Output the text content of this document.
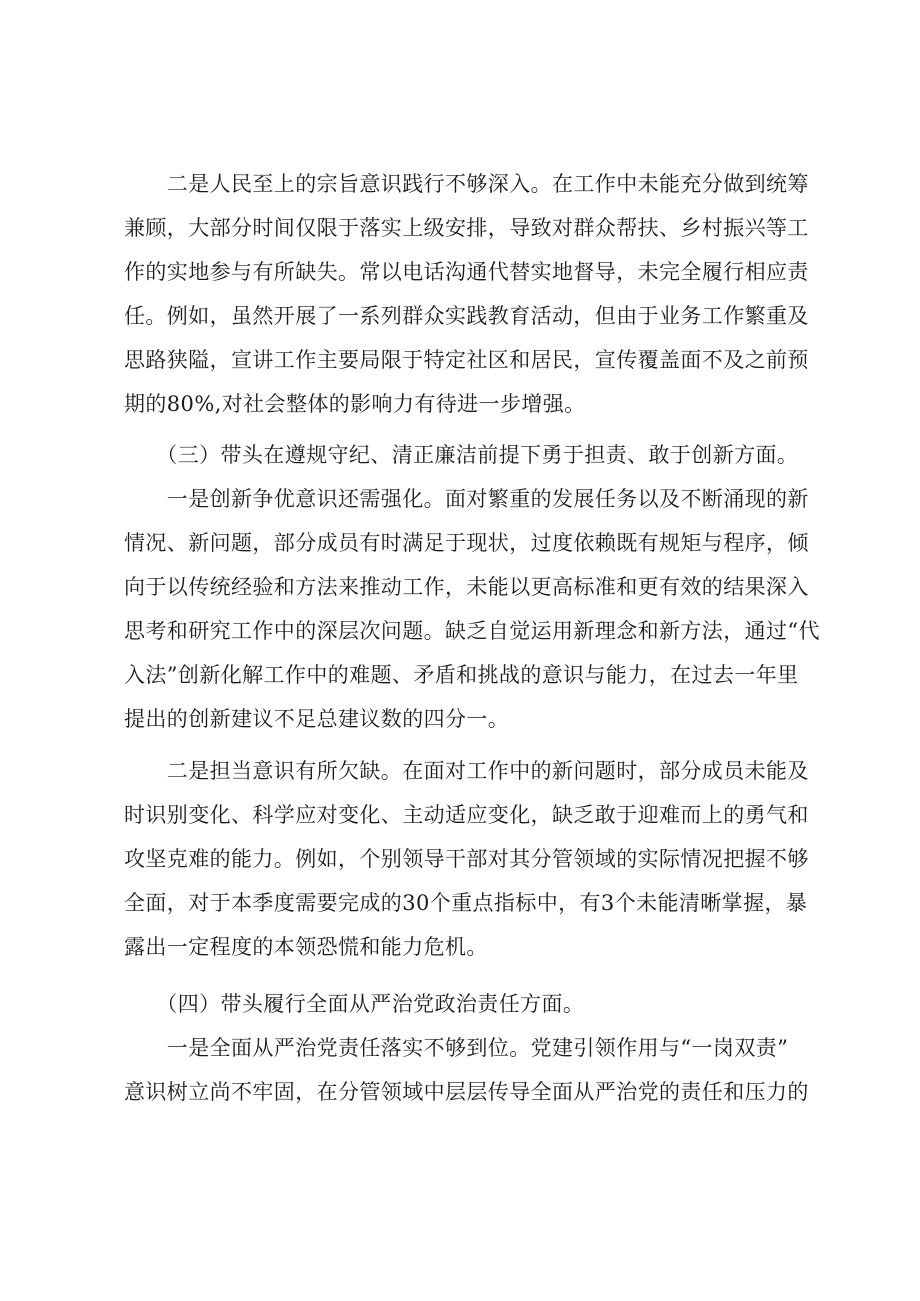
　　二是人民至上的宗旨意识践行不够深入。在工作中未能充分做到统筹
兼顾，大部分时间仅限于落实上级安排，导致对群众帮扶、乡村振兴等工
作的实地参与有所缺失。常以电话沟通代替实地督导，未完全履行相应责
任。例如，虽然开展了一系列群众实践教育活动，但由于业务工作繁重及
思路狭隘，宣讲工作主要局限于特定社区和居民，宣传覆盖面不及之前预
期的80%,对社会整体的影响力有待进一步增强。
　　（三）带头在遵规守纪、清正廉洁前提下勇于担责、敢于创新方面。
　　一是创新争优意识还需强化。面对繁重的发展任务以及不断涌现的新
情况、新问题，部分成员有时满足于现状，过度依赖既有规矩与程序，倾
向于以传统经验和方法来推动工作，未能以更高标准和更有效的结果深入
思考和研究工作中的深层次问题。缺乏自觉运用新理念和新方法，通过“代
入法”创新化解工作中的难题、矛盾和挑战的意识与能力，在过去一年里
提出的创新建议不足总建议数的四分一。
　　二是担当意识有所欠缺。在面对工作中的新问题时，部分成员未能及
时识别变化、科学应对变化、主动适应变化，缺乏敢于迎难而上的勇气和
攻坚克难的能力。例如，个别领导干部对其分管领域的实际情况把握不够
全面，对于本季度需要完成的30个重点指标中，有3个未能清晰掌握，暴
露出一定程度的本领恐慌和能力危机。
　　（四）带头履行全面从严治党政治责任方面。
　　一是全面从严治党责任落实不够到位。党建引领作用与“一岗双责”
意识树立尚不牢固，在分管领域中层层传导全面从严治党的责任和压力的
